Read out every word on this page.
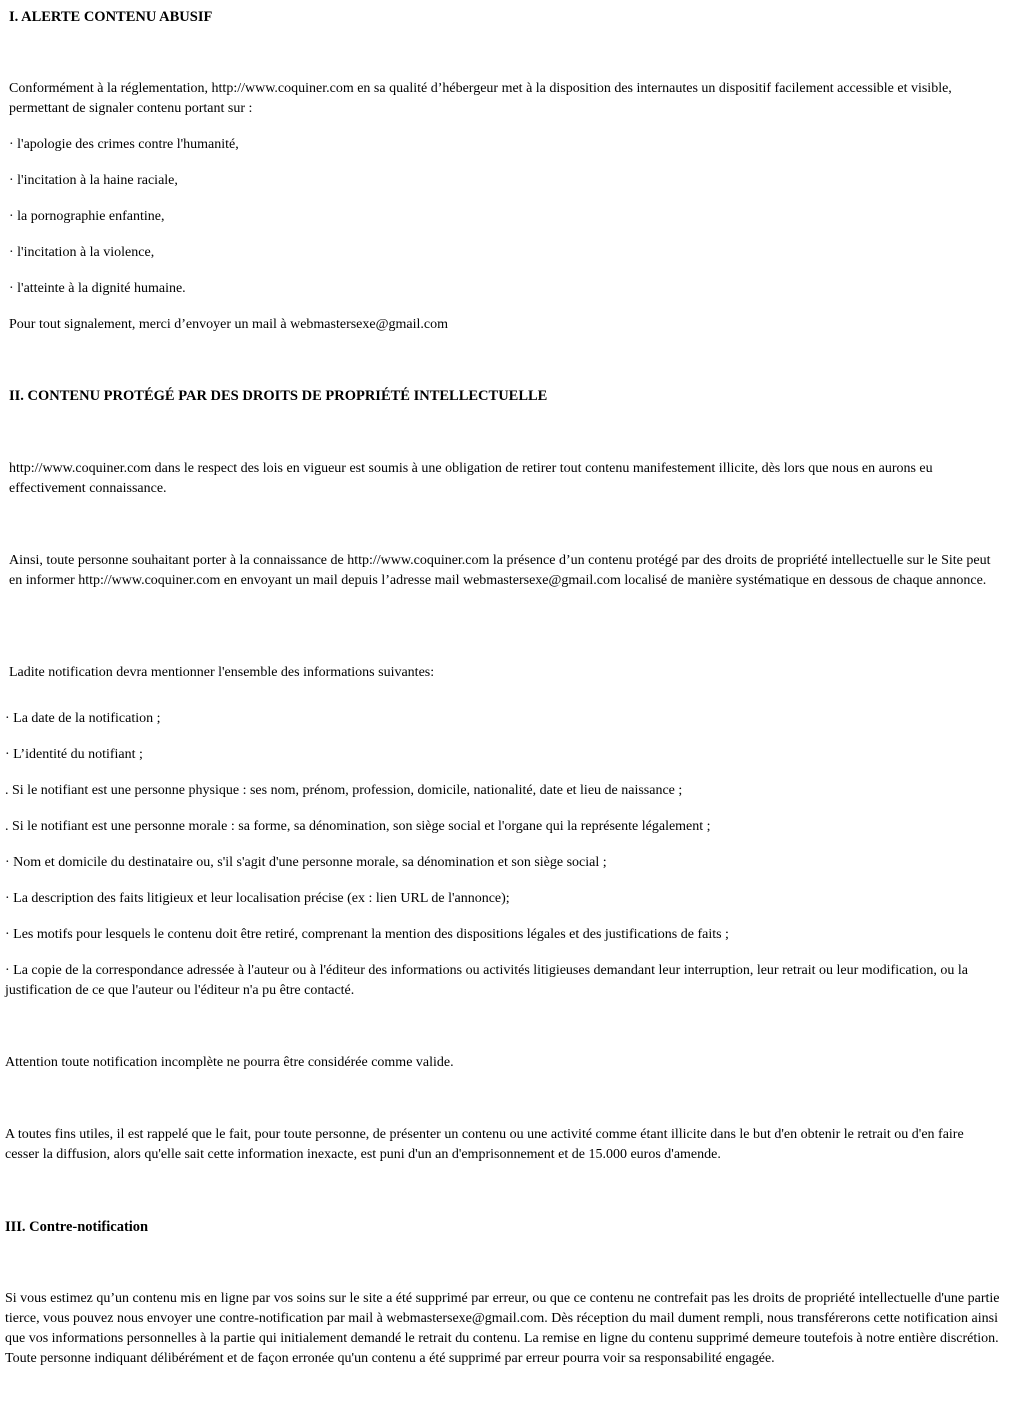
I. ALERTE CONTENU ABUSIF

Conformément à la réglementation, http://www.coquiner.com en sa qualité d’hébergeur met à la disposition des internautes un dispositif facilement accessible et visible, permettant de signaler contenu portant sur :

· l'apologie des crimes contre l'humanité,

· l'incitation à la haine raciale,

· la pornographie enfantine,

· l'incitation à la violence,

· l'atteinte à la dignité humaine.

Pour tout signalement, merci d’envoyer un mail à webmastersexe@gmail.com

II. CONTENU PROTÉGÉ PAR DES DROITS DE PROPRIÉTÉ INTELLECTUELLE

http://www.coquiner.com dans le respect des lois en vigueur est soumis à une obligation de retirer tout contenu manifestement illicite, dès lors que nous en aurons eu effectivement connaissance.

Ainsi, toute personne souhaitant porter à la connaissance de http://www.coquiner.com la présence d’un contenu protégé par des droits de propriété intellectuelle sur le Site peut en informer http://www.coquiner.com en envoyant un mail depuis l’adresse mail webmastersexe@gmail.com localisé de manière systématique en dessous de chaque annonce.

Ladite notification devra mentionner l'ensemble des informations suivantes:

· La date de la notification ;

· L’identité du notifiant ;

. Si le notifiant est une personne physique : ses nom, prénom, profession, domicile, nationalité, date et lieu de naissance ;

. Si le notifiant est une personne morale : sa forme, sa dénomination, son siège social et l'organe qui la représente légalement ;

· Nom et domicile du destinataire ou, s'il s'agit d'une personne morale, sa dénomination et son siège social ;

· La description des faits litigieux et leur localisation précise (ex : lien URL de l'annonce);

· Les motifs pour lesquels le contenu doit être retiré, comprenant la mention des dispositions légales et des justifications de faits ;

· La copie de la correspondance adressée à l'auteur ou à l'éditeur des informations ou activités litigieuses demandant leur interruption, leur retrait ou leur modification, ou la justification de ce que l'auteur ou l'éditeur n'a pu être contacté.

Attention toute notification incomplète ne pourra être considérée comme valide.

A toutes fins utiles, il est rappelé que le fait, pour toute personne, de présenter un contenu ou une activité comme étant illicite dans le but d'en obtenir le retrait ou d'en faire cesser la diffusion, alors qu'elle sait cette information inexacte, est puni d'un an d'emprisonnement et de 15.000 euros d'amende.

III. Contre-notification

Si vous estimez qu’un contenu mis en ligne par vos soins sur le site a été supprimé par erreur, ou que ce contenu ne contrefait pas les droits de propriété intellectuelle d'une partie tierce, vous pouvez nous envoyer une contre-notification par mail à webmastersexe@gmail.com. Dès réception du mail dument rempli, nous transférerons cette notification ainsi que vos informations personnelles à la partie qui initialement demandé le retrait du contenu. La remise en ligne du contenu supprimé demeure toutefois à notre entière discrétion. Toute personne indiquant délibérément et de façon erronée qu'un contenu a été supprimé par erreur pourra voir sa responsabilité engagée.
